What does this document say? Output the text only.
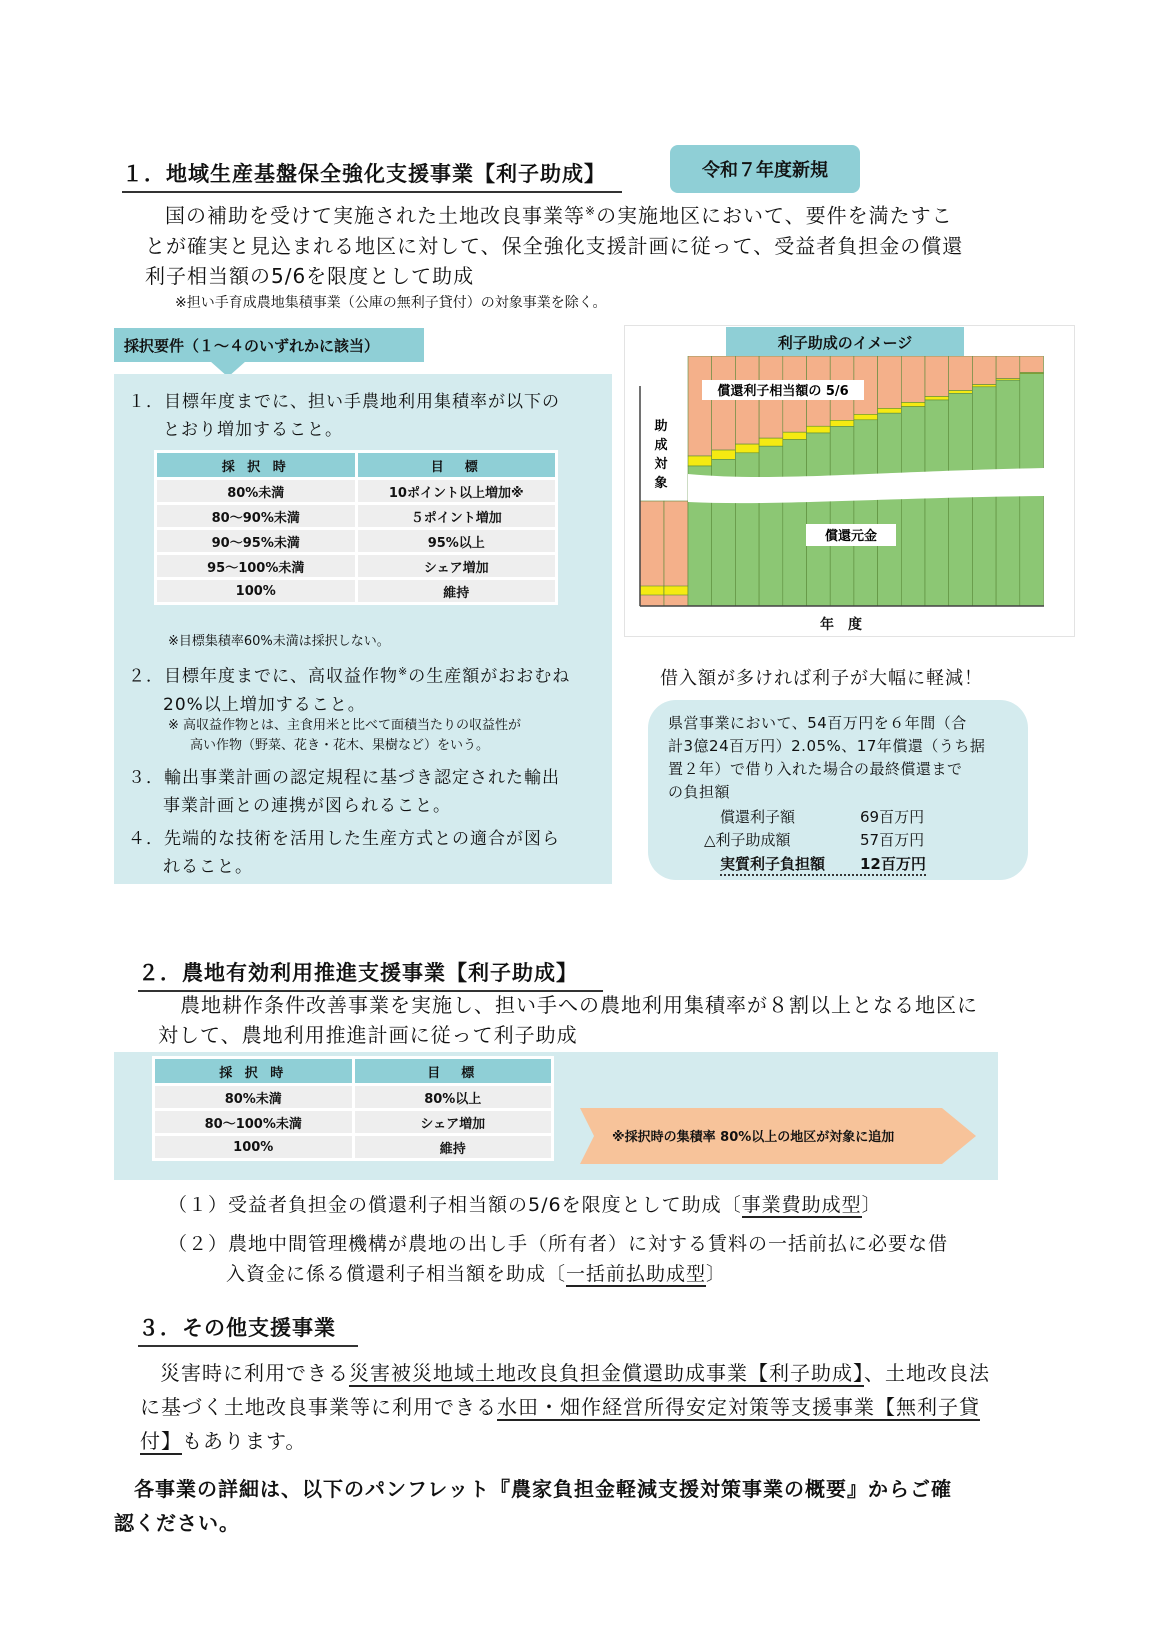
１．地域生産基盤保全強化支援事業【利子助成】	令和７年度新規
国の補助を受けて実施された土地改良事業等※の実施地区において、要件を満たすこ
とが確実と見込まれる地区に対して、保全強化支援計画に従って、受益者負担金の償還
利子相当額の5/6を限度として助成
※担い手育成農地集積事業（公庫の無利子貸付）の対象事業を除く。
採択要件（１～４のいずれかに該当）
１．目標年度までに、担い手農地利用集積率が以下の
とおり増加すること。
採 択 時	目　標
80%未満	10ポイント以上増加※
80～90%未満	５ポイント増加
90～95%未満	95%以上
95～100%未満	シェア増加
100%	維持
※目標集積率60%未満は採択しない。
２．目標年度までに、高収益作物※の生産額がおおむね
20%以上増加すること。
※ 高収益作物とは、主食用米と比べて面積当たりの収益性が
高い作物（野菜、花き・花木、果樹など）をいう。
３．輸出事業計画の認定規程に基づき認定された輸出
事業計画との連携が図られること。
４．先端的な技術を活用した生産方式との適合が図ら
れること。
利子助成のイメージ
助
成
対
象
償還利子相当額の 5/6
償還元金
年　度
借入額が多ければ利子が大幅に軽減！
県営事業において、54百万円を６年間（合
計3億24百万円）2.05%、17年償還（うち据
置２年）で借り入れた場合の最終償還まで
の負担額
償還利子額	69百万円
△利子助成額	57百万円
実質利子負担額 12百万円
２．農地有効利用推進支援事業【利子助成】
農地耕作条件改善事業を実施し、担い手への農地利用集積率が８割以上となる地区に
対して、農地利用推進計画に従って利子助成
採 択 時	目　標
80%未満	80%以上
80～100%未満	シェア増加
100%	維持
※採択時の集積率 80%以上の地区が対象に追加
（１）受益者負担金の償還利子相当額の5/6を限度として助成〔事業費助成型〕
（２）農地中間管理機構が農地の出し手（所有者）に対する賃料の一括前払に必要な借
入資金に係る償還利子相当額を助成〔一括前払助成型〕
３．その他支援事業
災害時に利用できる災害被災地域土地改良負担金償還助成事業【利子助成】、土地改良法
に基づく土地改良事業等に利用できる水田・畑作経営所得安定対策等支援事業【無利子貸
付】もあります。
各事業の詳細は、以下のパンフレット『農家負担金軽減支援対策事業の概要』からご確
認ください。
